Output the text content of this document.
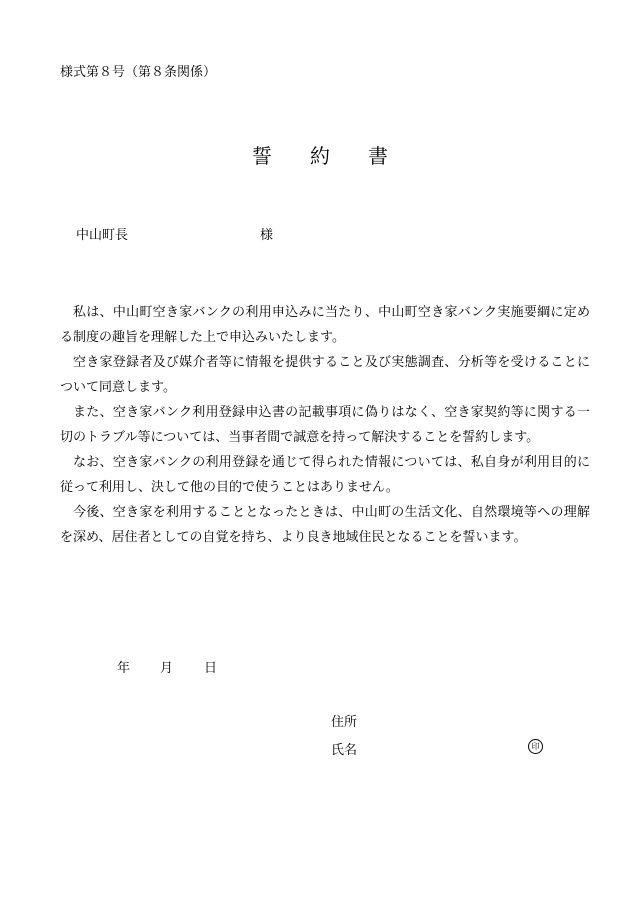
様式第８号（第８条関係）
誓約書
中山町長	様

私は、中山町空き家バンクの利用申込みに当たり、中山町空き家バンク実施要綱に定める制度の趣旨を理解した上で申込みいたします。

空き家登録者及び媒介者等に情報を提供すること及び実態調査、分析等を受けることについて同意します。

また、空き家バンク利用登録申込書の記載事項に偽りはなく、空き家契約等に関する一切のトラブル等については、当事者間で誠意を持って解決することを誓約します。

なお、空き家バンクの利用登録を通じて得られた情報については、私自身が利用目的に従って利用し、決して他の目的で使うことはありません。

今後、空き家を利用することとなったときは、中山町の生活文化、自然環境等への理解を深め、居住者としての自覚を持ち、より良き地域住民となることを誓います。

年 月 日
住所
氏名	印
